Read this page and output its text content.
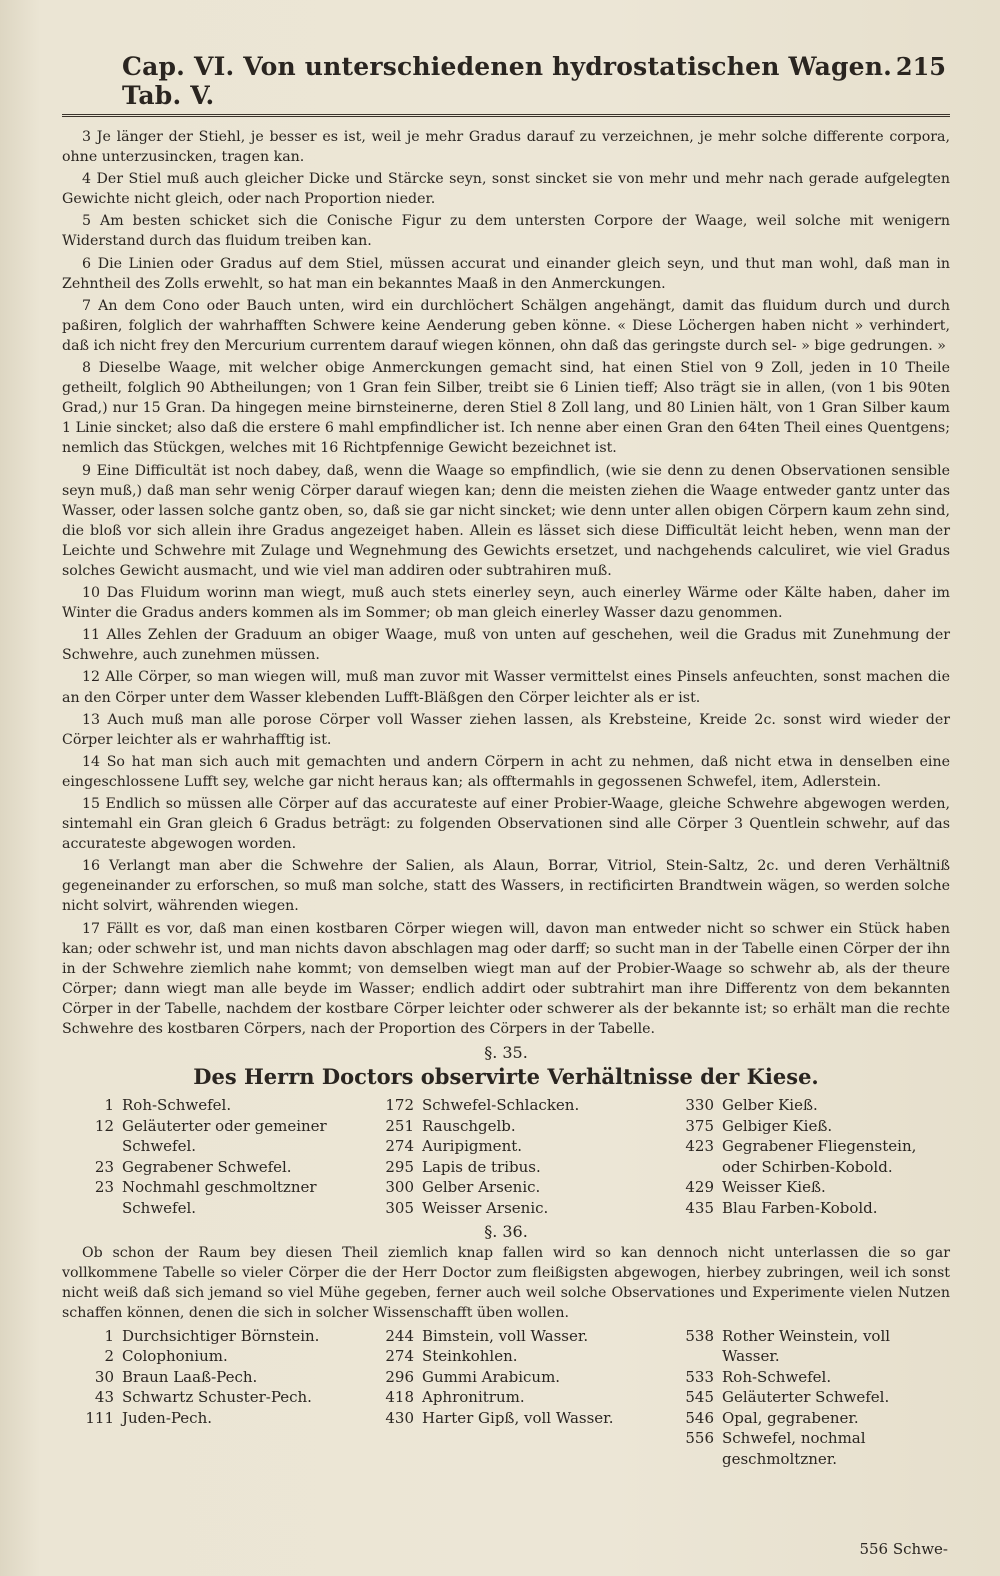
Cap. VI. Von unterschiedenen hydrostatischen Wagen. Tab. V.
215

3 Je länger der Stiehl, je besser es ist, weil je mehr Gradus darauf zu verzeichnen, je mehr solche differente corpora, ohne unterzusincken, tragen kan.

4 Der Stiel muß auch gleicher Dicke und Stärcke seyn, sonst sincket sie von mehr und mehr nach gerade aufgelegten Gewichte nicht gleich, oder nach Proportion nieder.

5 Am besten schicket sich die Conische Figur zu dem untersten Corpore der Waage, weil solche mit wenigern Widerstand durch das fluidum treiben kan.

6 Die Linien oder Gradus auf dem Stiel, müssen accurat und einander gleich seyn, und thut man wohl, daß man in Zehntheil des Zolls erwehlt, so hat man ein bekanntes Maaß in den Anmerckungen.

7 An dem Cono oder Bauch unten, wird ein durchlöchert Schälgen angehängt, damit das fluidum durch und durch paßiren, folglich der wahrhafften Schwere keine Aenderung geben könne. « Diese Löchergen haben nicht » verhindert, daß ich nicht frey den Mercurium currentem darauf wiegen können, ohn daß das geringste durch sel- » bige gedrungen. »

8 Dieselbe Waage, mit welcher obige Anmerckungen gemacht sind, hat einen Stiel von 9 Zoll, jeden in 10 Theile getheilt, folglich 90 Abtheilungen; von 1 Gran fein Silber, treibt sie 6 Linien tieff; Also trägt sie in allen, (von 1 bis 90ten Grad,) nur 15 Gran. Da hingegen meine birnsteinerne, deren Stiel 8 Zoll lang, und 80 Linien hält, von 1 Gran Silber kaum 1 Linie sincket; also daß die erstere 6 mahl empfindlicher ist. Ich nenne aber einen Gran den 64ten Theil eines Quentgens; nemlich das Stückgen, welches mit 16 Richtpfennige Gewicht bezeichnet ist.

9 Eine Difficultät ist noch dabey, daß, wenn die Waage so empfindlich, (wie sie denn zu denen Observationen sensible seyn muß,) daß man sehr wenig Cörper darauf wiegen kan; denn die meisten ziehen die Waage entweder gantz unter das Wasser, oder lassen solche gantz oben, so, daß sie gar nicht sincket; wie denn unter allen obigen Cörpern kaum zehn sind, die bloß vor sich allein ihre Gradus angezeiget haben. Allein es lässet sich diese Difficultät leicht heben, wenn man der Leichte und Schwehre mit Zulage und Wegnehmung des Gewichts ersetzet, und nachgehends calculiret, wie viel Gradus solches Gewicht ausmacht, und wie viel man addiren oder subtrahiren muß.

10 Das Fluidum worinn man wiegt, muß auch stets einerley seyn, auch einerley Wärme oder Kälte haben, daher im Winter die Gradus anders kommen als im Sommer; ob man gleich einerley Wasser dazu genommen.

11 Alles Zehlen der Graduum an obiger Waage, muß von unten auf geschehen, weil die Gradus mit Zunehmung der Schwehre, auch zunehmen müssen.

12 Alle Cörper, so man wiegen will, muß man zuvor mit Wasser vermittelst eines Pinsels anfeuchten, sonst machen die an den Cörper unter dem Wasser klebenden Lufft-Bläßgen den Cörper leichter als er ist.

13 Auch muß man alle porose Cörper voll Wasser ziehen lassen, als Krebsteine, Kreide 2c. sonst wird wieder der Cörper leichter als er wahrhafftig ist.

14 So hat man sich auch mit gemachten und andern Cörpern in acht zu nehmen, daß nicht etwa in denselben eine eingeschlossene Lufft sey, welche gar nicht heraus kan; als offtermahls in gegossenen Schwefel, item, Adlerstein.

15 Endlich so müssen alle Cörper auf das accurateste auf einer Probier-Waage, gleiche Schwehre abgewogen werden, sintemahl ein Gran gleich 6 Gradus beträgt: zu folgenden Observationen sind alle Cörper 3 Quentlein schwehr, auf das accurateste abgewogen worden.

16 Verlangt man aber die Schwehre der Salien, als Alaun, Borrar, Vitriol, Stein-Saltz, 2c. und deren Verhältniß gegeneinander zu erforschen, so muß man solche, statt des Wassers, in rectificirten Brandtwein wägen, so werden solche nicht solvirt, währenden wiegen.

17 Fällt es vor, daß man einen kostbaren Cörper wiegen will, davon man entweder nicht so schwer ein Stück haben kan; oder schwehr ist, und man nichts davon abschlagen mag oder darff; so sucht man in der Tabelle einen Cörper der ihn in der Schwehre ziemlich nahe kommt; von demselben wiegt man auf der Probier-Waage so schwehr ab, als der theure Cörper; dann wiegt man alle beyde im Wasser; endlich addirt oder subtrahirt man ihre Differentz von dem bekannten Cörper in der Tabelle, nachdem der kostbare Cörper leichter oder schwerer als der bekannte ist; so erhält man die rechte Schwehre des kostbaren Cörpers, nach der Proportion des Cörpers in der Tabelle.

§. 35.
Des Herrn Doctors observirte Verhältnisse der Kiese.
1 Roh-Schwefel.
12 Geläuterter oder gemeiner Schwefel.
23 Gegrabener Schwefel.
23 Nochmahl geschmoltzner Schwefel.
172 Schwefel-Schlacken.
251 Rauschgelb.
274 Auripigment.
295 Lapis de tribus.
300 Gelber Arsenic.
305 Weisser Arsenic.
330 Gelber Kieß.
375 Gelbiger Kieß.
423 Gegrabener Fliegenstein, oder Schirben-Kobold.
429 Weisser Kieß.
435 Blau Farben-Kobold.
§. 36.

Ob schon der Raum bey diesen Theil ziemlich knap fallen wird so kan dennoch nicht unterlassen die so gar vollkommene Tabelle so vieler Cörper die der Herr Doctor zum fleißigsten abgewogen, hierbey zubringen, weil ich sonst nicht weiß daß sich jemand so viel Mühe gegeben, ferner auch weil solche Observationes und Experimente vielen Nutzen schaffen können, denen die sich in solcher Wissenschafft üben wollen.

1 Durchsichtiger Börnstein.
2 Colophonium.
30 Braun Laaß-Pech.
43 Schwartz Schuster-Pech.
111 Juden-Pech.
244 Bimstein, voll Wasser.
274 Steinkohlen.
296 Gummi Arabicum.
418 Aphronitrum.
430 Harter Gipß, voll Wasser.
538 Rother Weinstein, voll Wasser.
533 Roh-Schwefel.
545 Geläuterter Schwefel.
546 Opal, gegrabener.
556 Schwefel, nochmal geschmoltzner.
556 Schwe-
